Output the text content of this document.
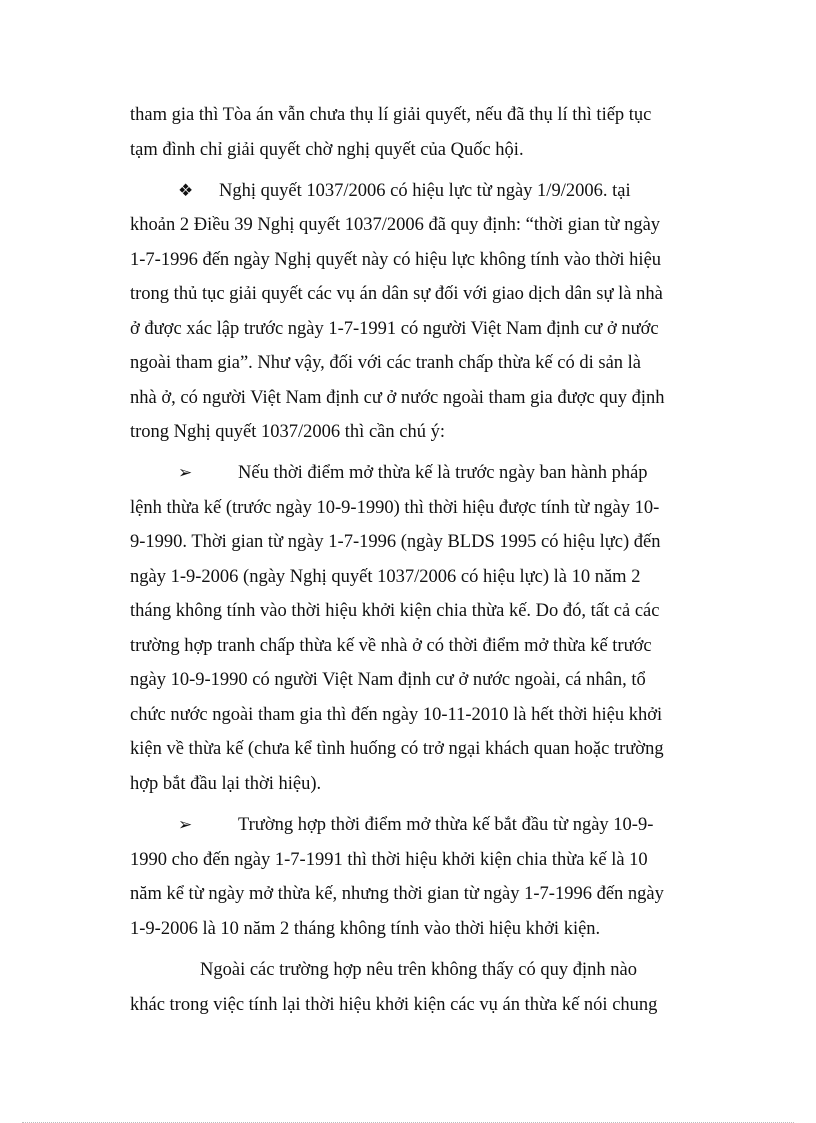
tham gia thì Tòa án vẫn chưa thụ lí giải quyết, nếu đã thụ lí thì tiếp tục
tạm đình chỉ giải quyết chờ nghị quyết của Quốc hội.
❖ Nghị quyết 1037/2006 có hiệu lực từ ngày 1/9/2006. tại
khoản 2 Điều 39 Nghị quyết 1037/2006 đã quy định: “thời gian từ ngày
1-7-1996 đến ngày Nghị quyết này có hiệu lực không tính vào thời hiệu
trong thủ tục giải quyết các vụ án dân sự đối với giao dịch dân sự là nhà
ở được xác lập trước ngày 1-7-1991 có người Việt Nam định cư ở nước
ngoài tham gia”. Như vậy, đối với các tranh chấp thừa kế có di sản là
nhà ở, có người Việt Nam định cư ở nước ngoài tham gia được quy định
trong Nghị quyết 1037/2006 thì cần chú ý:
➢ Nếu thời điểm mở thừa kế là trước ngày ban hành pháp
lệnh thừa kế (trước ngày 10-9-1990) thì thời hiệu được tính từ ngày 10-
9-1990. Thời gian từ ngày 1-7-1996 (ngày BLDS 1995 có hiệu lực) đến
ngày 1-9-2006 (ngày Nghị quyết 1037/2006 có hiệu lực) là 10 năm 2
tháng không tính vào thời hiệu khởi kiện chia thừa kế. Do đó, tất cả các
trường hợp tranh chấp thừa kế về nhà ở có thời điểm mở thừa kế trước
ngày 10-9-1990 có người Việt Nam định cư ở nước ngoài, cá nhân, tổ
chức nước ngoài tham gia thì đến ngày 10-11-2010 là hết thời hiệu khởi
kiện về thừa kế (chưa kể tình huống có trở ngại khách quan hoặc trường
hợp bắt đầu lại thời hiệu).
➢ Trường hợp thời điểm mở thừa kế bắt đầu từ ngày 10-9-
1990 cho đến ngày 1-7-1991 thì thời hiệu khởi kiện chia thừa kế là 10
năm kể từ ngày mở thừa kế, nhưng thời gian từ ngày 1-7-1996 đến ngày
1-9-2006 là 10 năm 2 tháng không tính vào thời hiệu khởi kiện.
Ngoài các trường hợp nêu trên không thấy có quy định nào
khác trong việc tính lại thời hiệu khởi kiện các vụ án thừa kế nói chung
